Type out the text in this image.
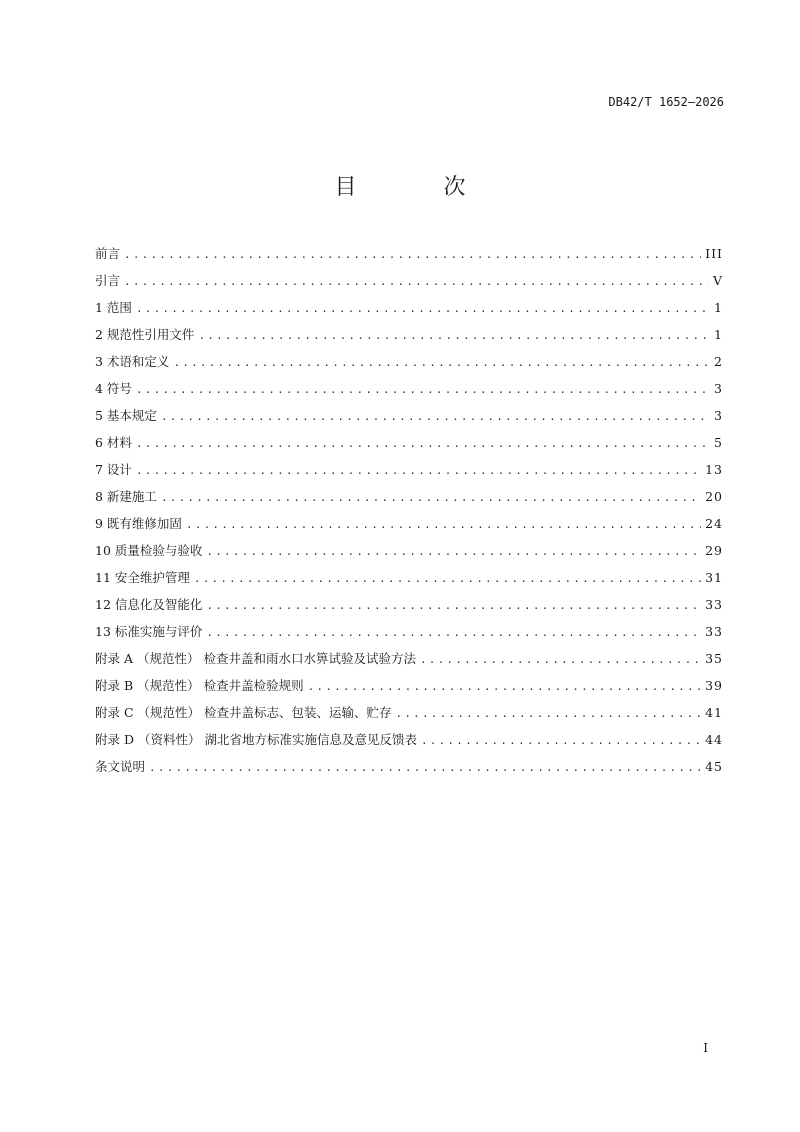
DB42/T 1652—2026
目 次
前言 .....	III
引言 .....	V
1 范围 .....	1
2 规范性引用文件 .....	1
3 术语和定义 .....	2
4 符号 .....	3
5 基本规定 .....	3
6 材料 .....	5
7 设计 .....	13
8 新建施工 .....	20
9 既有维修加固 .....	24
10 质量检验与验收 .....	29
11 安全维护管理 .....	31
12 信息化及智能化 .....	33
13 标准实施与评价 .....	33
附录 A （规范性） 检查井盖和雨水口水箅试验及试验方法 .....	35
附录 B （规范性） 检查井盖检验规则 .....	39
附录 C （规范性） 检查井盖标志、包装、运输、贮存 .....	41
附录 D （资料性） 湖北省地方标准实施信息及意见反馈表 .....	44
条文说明 .....	45
I
